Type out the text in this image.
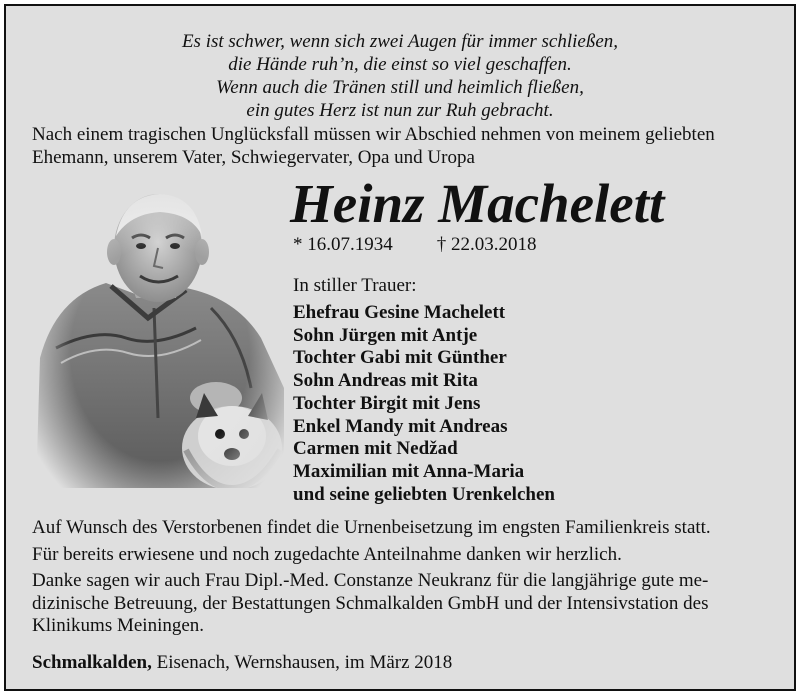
Es ist schwer, wenn sich zwei Augen für immer schließen,
die Hände ruh’n, die einst so viel geschaffen.
Wenn auch die Tränen still und heimlich fließen,
ein gutes Herz ist nun zur Ruh gebracht.
Nach einem tragischen Unglücksfall müssen wir Abschied nehmen von meinem geliebten
Ehemann, unserem Vater, Schwiegervater, Opa und Uropa
Heinz Machelett
* 16.07.1934 † 22.03.2018
In stiller Trauer:
Ehefrau Gesine Machelett
Sohn Jürgen mit Antje
Tochter Gabi mit Günther
Sohn Andreas mit Rita
Tochter Birgit mit Jens
Enkel Mandy mit Andreas
Carmen mit Nedžad
Maximilian mit Anna-Maria
und seine geliebten Urenkelchen

Auf Wunsch des Verstorbenen findet die Urnenbeisetzung im engsten Familienkreis statt.

Für bereits erwiesene und noch zugedachte Anteilnahme danken wir herzlich.

Danke sagen wir auch Frau Dipl.-Med. Constanze Neukranz für die langjährige gute me-

dizinische Betreuung, der Bestattungen Schmalkalden GmbH und der Intensivstation des

Klinikums Meiningen.

Schmalkalden, Eisenach, Wernshausen, im März 2018
